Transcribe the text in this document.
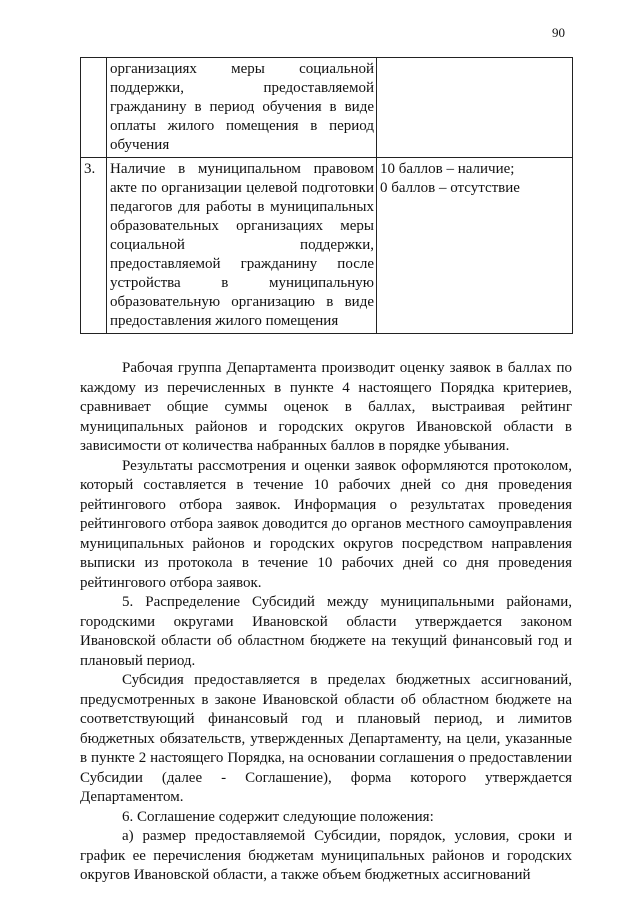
90
	организациях меры социальной поддержки, предоставляемой гражданину в период обучения в виде оплаты жилого помещения в период обучения	
3.	Наличие в муниципальном правовом акте по организации целевой подготовки педагогов для работы в муниципальных образовательных организациях меры социальной поддержки, предоставляемой гражданину после устройства в муниципальную образовательную организацию в виде предоставления жилого помещения	10 баллов – наличие;
0 баллов – отсутствие

Рабочая группа Департамента производит оценку заявок в баллах по каждому из перечисленных в пункте 4 настоящего Порядка критериев, сравнивает общие суммы оценок в баллах, выстраивая рейтинг муниципальных районов и городских округов Ивановской области в зависимости от количества набранных баллов в порядке убывания.

Результаты рассмотрения и оценки заявок оформляются протоколом, который составляется в течение 10 рабочих дней со дня проведения рейтингового отбора заявок. Информация о результатах проведения рейтингового отбора заявок доводится до органов местного самоуправления муниципальных районов и городских округов посредством направления выписки из протокола в течение 10 рабочих дней со дня проведения рейтингового отбора заявок.

5. Распределение Субсидий между муниципальными районами, городскими округами Ивановской области утверждается законом Ивановской области об областном бюджете на текущий финансовый год и плановый период.

Субсидия предоставляется в пределах бюджетных ассигнований, предусмотренных в законе Ивановской области об областном бюджете на соответствующий финансовый год и плановый период, и лимитов бюджетных обязательств, утвержденных Департаменту, на цели, указанные в пункте 2 настоящего Порядка, на основании соглашения о предоставлении Субсидии (далее - Соглашение), форма которого утверждается Департаментом.

6. Соглашение содержит следующие положения:

а) размер предоставляемой Субсидии, порядок, условия, сроки и график ее перечисления бюджетам муниципальных районов и городских округов Ивановской области, а также объем бюджетных ассигнований
